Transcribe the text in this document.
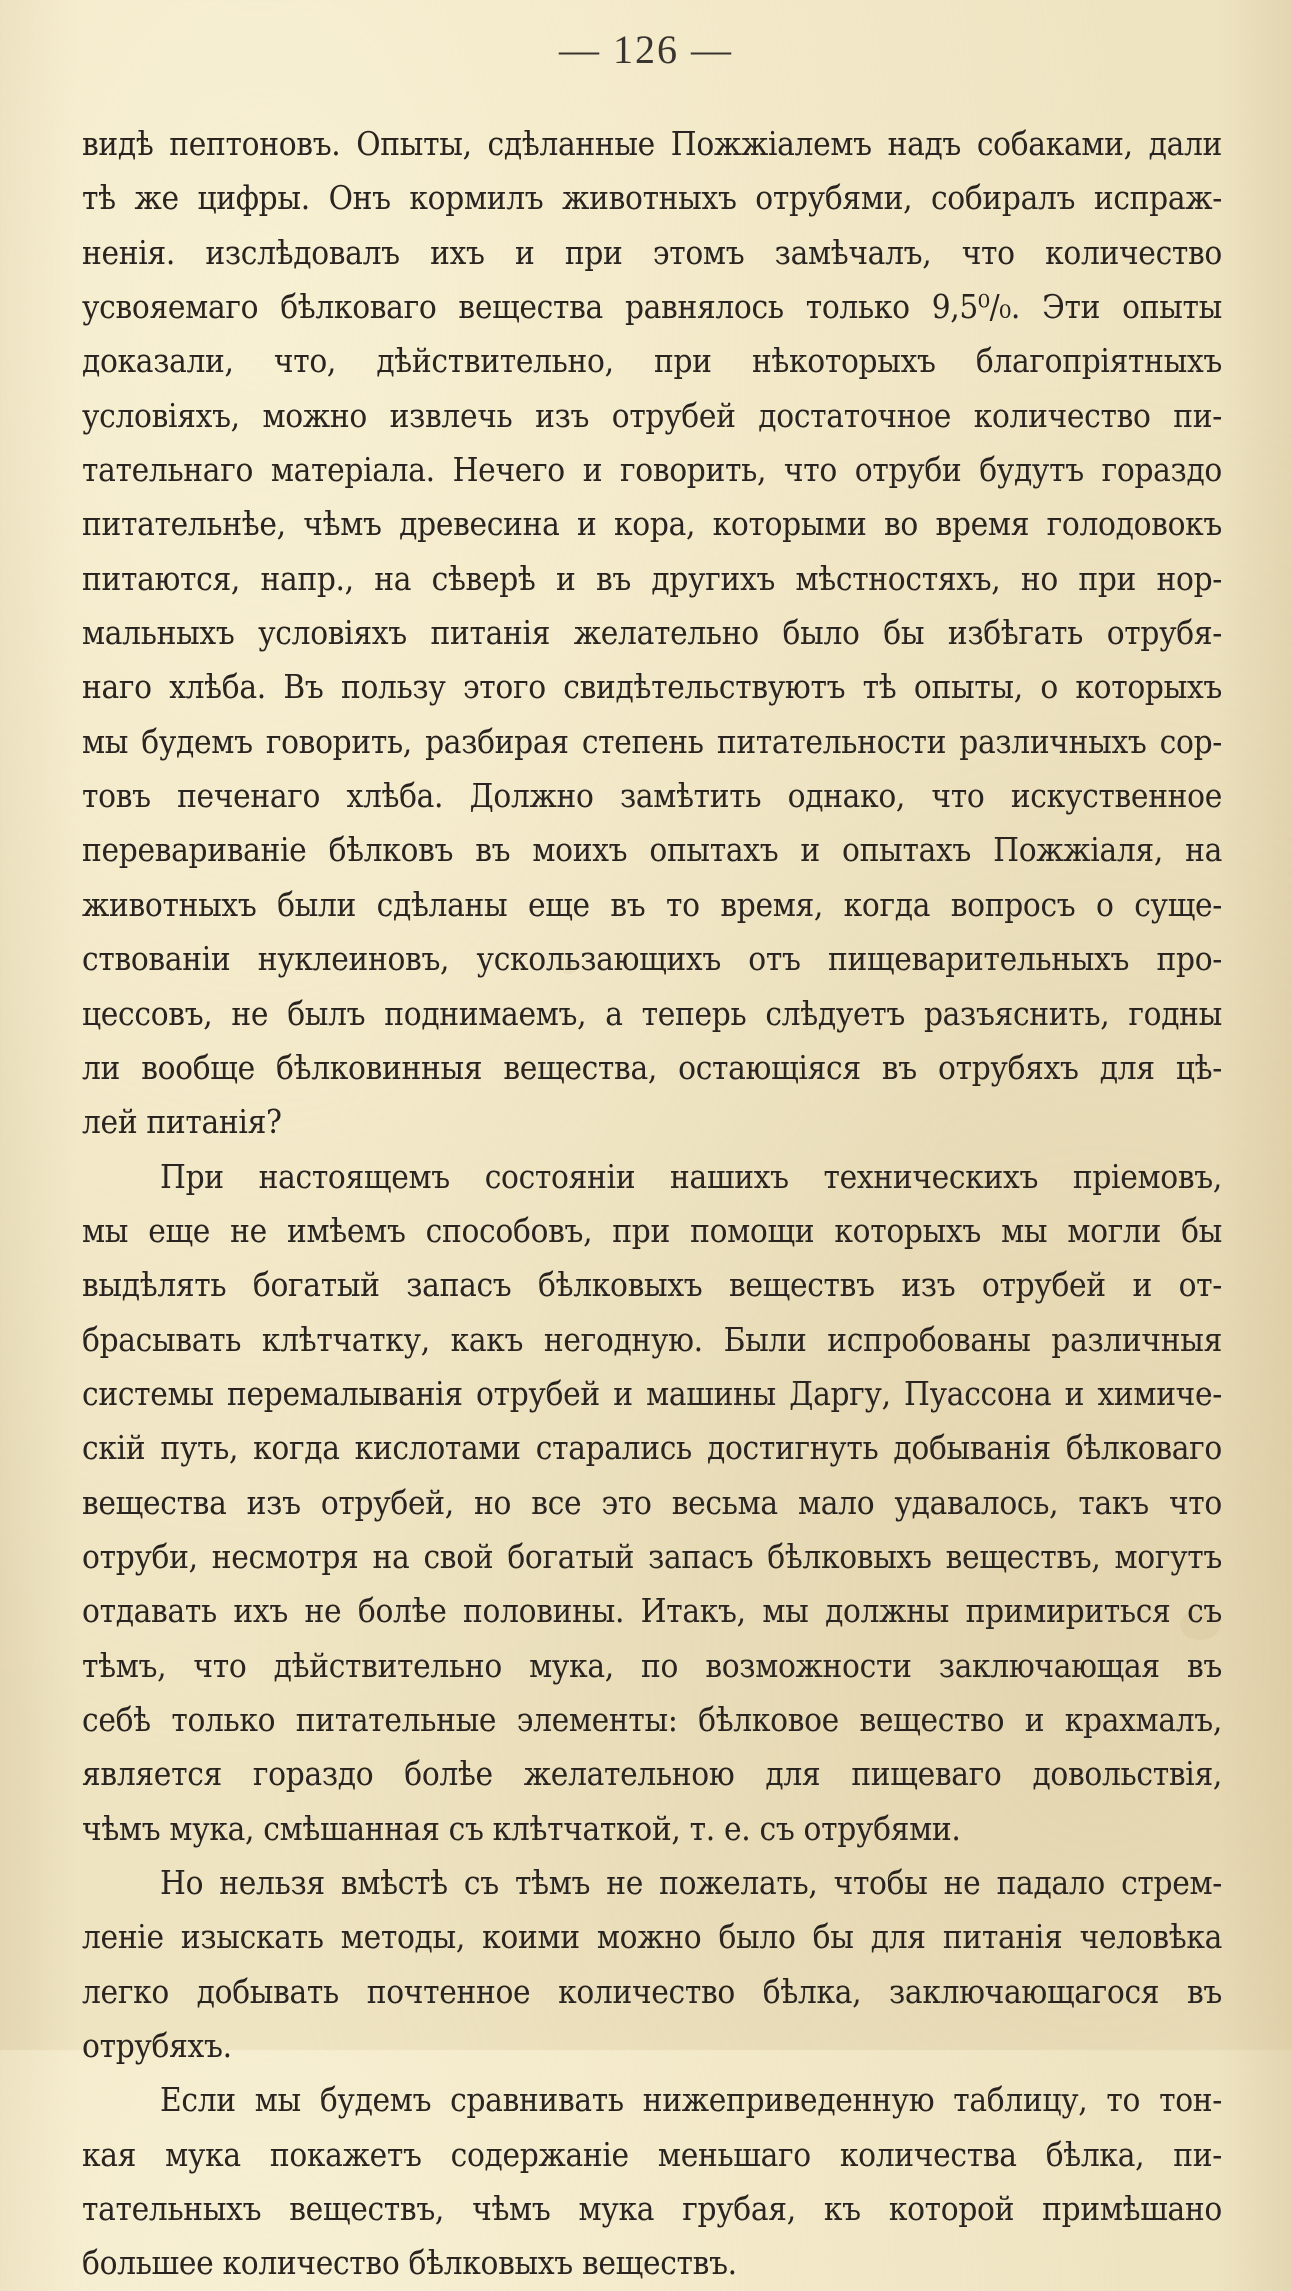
— 126 —
видѣ пептоновъ. Опыты, сдѣланные Пожжіалемъ надъ собаками, дали
тѣ же цифры. Онъ кормилъ животныхъ отрубями, собиралъ испраж-
ненія. изслѣдовалъ ихъ и при этомъ замѣчалъ, что количество
усвояемаго бѣлковаго вещества равнялось только 9,5⁰/₀. Эти опыты
доказали, что, дѣйствительно, при нѣкоторыхъ благопріятныхъ
условіяхъ, можно извлечь изъ отрубей достаточное количество пи-
тательнаго матеріала. Нечего и говорить, что отруби будутъ гораздо
питательнѣе, чѣмъ древесина и кора, которыми во время голодовокъ
питаются, напр., на сѣверѣ и въ другихъ мѣстностяхъ, но при нор-
мальныхъ условіяхъ питанія желательно было бы избѣгать отрубя-
наго хлѣба. Въ пользу этого свидѣтельствуютъ тѣ опыты, о которыхъ
мы будемъ говорить, разбирая степень питательности различныхъ сор-
товъ печенаго хлѣба. Должно замѣтить однако, что искуственное
перевариваніе бѣлковъ въ моихъ опытахъ и опытахъ Пожжіаля, на
животныхъ были сдѣланы еще въ то время, когда вопросъ о суще-
ствованіи нуклеиновъ, ускользающихъ отъ пищеварительныхъ про-
цессовъ, не былъ поднимаемъ, а теперь слѣдуетъ разъяснить, годны
ли вообще бѣлковинныя вещества, остающіяся въ отрубяхъ для цѣ-
лей питанія?
При настоящемъ состояніи нашихъ техническихъ пріемовъ,
мы еще не имѣемъ способовъ, при помощи которыхъ мы могли бы
выдѣлять богатый запасъ бѣлковыхъ веществъ изъ отрубей и от-
брасывать клѣтчатку, какъ негодную. Были испробованы различныя
системы перемалыванія отрубей и машины Даргу, Пуассона и химиче-
скій путь, когда кислотами старались достигнуть добыванія бѣлковаго
вещества изъ отрубей, но все это весьма мало удавалось, такъ что
отруби, несмотря на свой богатый запасъ бѣлковыхъ веществъ, могутъ
отдавать ихъ не болѣе половины. Итакъ, мы должны примириться съ
тѣмъ, что дѣйствительно мука, по возможности заключающая въ
себѣ только питательные элементы: бѣлковое вещество и крахмалъ,
является гораздо болѣе желательною для пищеваго довольствія,
чѣмъ мука, смѣшанная съ клѣтчаткой, т. е. съ отрубями.
Но нельзя вмѣстѣ съ тѣмъ не пожелать, чтобы не падало стрем-
леніе изыскать методы, коими можно было бы для питанія человѣка
легко добывать почтенное количество бѣлка, заключающагося въ
отрубяхъ.
Если мы будемъ сравнивать нижеприведенную таблицу, то тон-
кая мука покажетъ содержаніе меньшаго количества бѣлка, пи-
тательныхъ веществъ, чѣмъ мука грубая, къ которой примѣшано
большее количество бѣлковыхъ веществъ.
